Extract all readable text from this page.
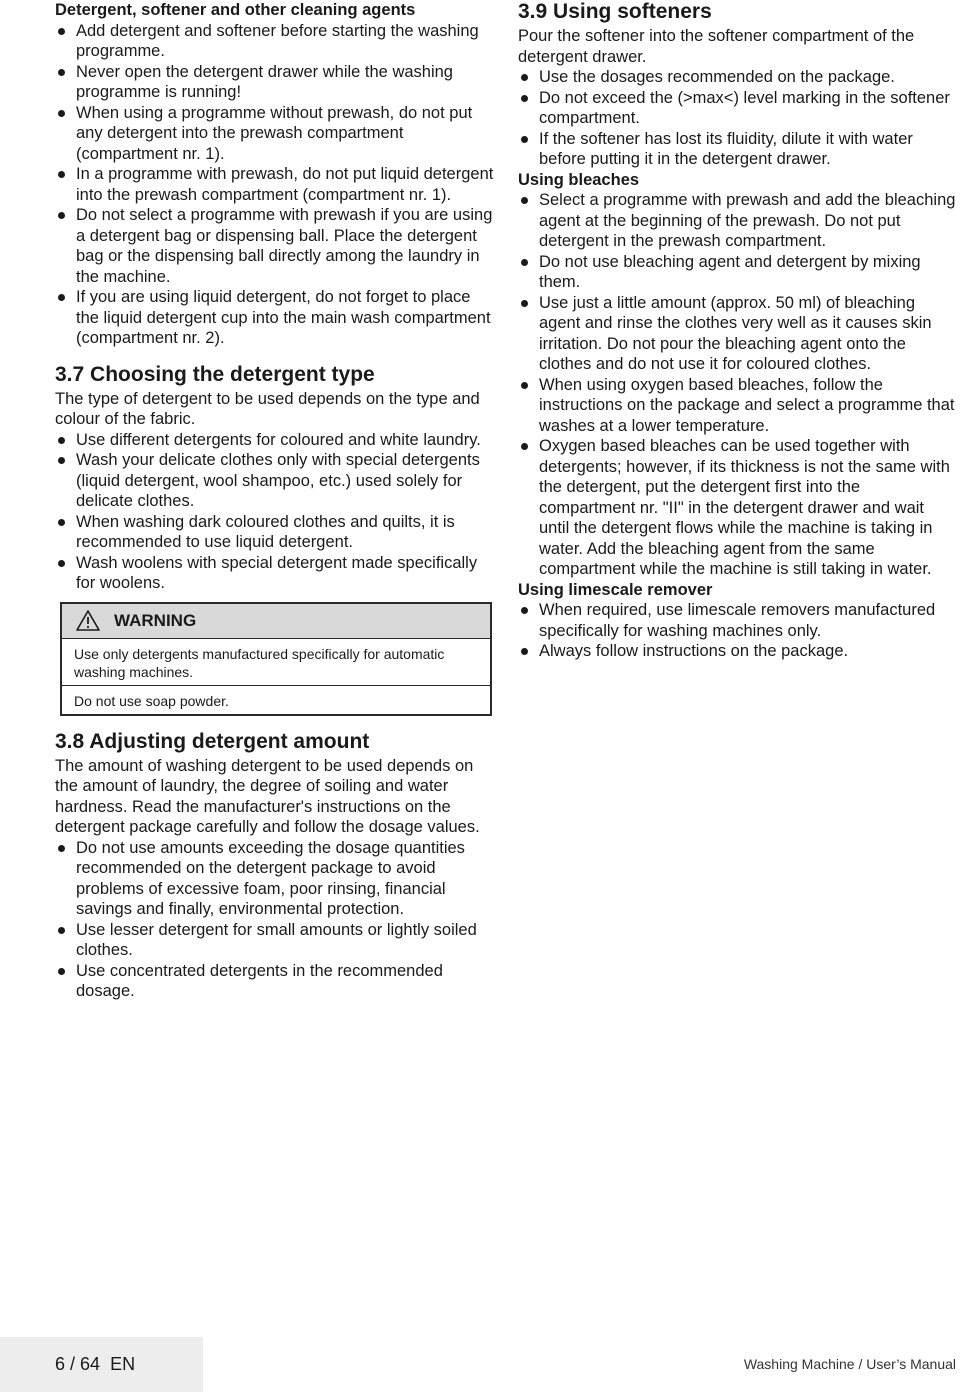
Detergent, softener and other cleaning agents
Add detergent and softener before starting the washing programme.
Never open the detergent drawer while the washing programme is running!
When using a programme without prewash, do not put any detergent into the prewash compartment (compartment nr. 1).
In a programme with prewash, do not put liquid detergent into the prewash compartment (compartment nr. 1).
Do not select a programme with prewash if you are using a detergent bag or dispensing ball. Place the detergent bag or the dispensing ball directly among the laundry in the machine.
If you are using liquid detergent, do not forget to place the liquid detergent cup into the main wash compartment (compartment nr. 2).
3.7 Choosing the detergent type

The type of detergent to be used depends on the type and colour of the fabric.

Use different detergents for coloured and white laundry.
Wash your delicate clothes only with special detergents (liquid detergent, wool shampoo, etc.) used solely for delicate clothes.
When washing dark coloured clothes and quilts, it is recommended to use liquid detergent.
Wash woolens with special detergent made specifically for woolens.
WARNING
Use only detergents manufactured specifically for automatic washing machines.
Do not use soap powder.
3.8 Adjusting detergent amount

The amount of washing detergent to be used depends on the amount of laundry, the degree of soiling and water hardness. Read the manufacturer's instructions on the detergent package carefully and follow the dosage values.

Do not use amounts exceeding the dosage quantities recommended on the detergent package to avoid problems of excessive foam, poor rinsing, financial savings and finally, environmental protection.
Use lesser detergent for small amounts or lightly soiled clothes.
Use concentrated detergents in the recommended dosage.
3.9 Using softeners

Pour the softener into the softener compartment of the detergent drawer.

Use the dosages recommended on the package.
Do not exceed the (>max<) level marking in the softener compartment.
If the softener has lost its fluidity, dilute it with water before putting it in the detergent drawer.
Using bleaches
Select a programme with prewash and add the bleaching agent at the beginning of the prewash. Do not put detergent in the prewash compartment.
Do not use bleaching agent and detergent by mixing them.
Use just a little amount (approx. 50 ml) of bleaching agent and rinse the clothes very well as it causes skin irritation. Do not pour the bleaching agent onto the clothes and do not use it for coloured clothes.
When using oxygen based bleaches, follow the instructions on the package and select a programme that washes at a lower temperature.
Oxygen based bleaches can be used together with detergents; however, if its thickness is not the same with the detergent, put the detergent first into the compartment nr. "II" in the detergent drawer and wait until the detergent flows while the machine is taking in water. Add the bleaching agent from the same compartment while the machine is still taking in water.
Using limescale remover
When required, use limescale removers manufactured specifically for washing machines only.
Always follow instructions on the package.
6 / 64 EN	Washing Machine / User’s Manual
